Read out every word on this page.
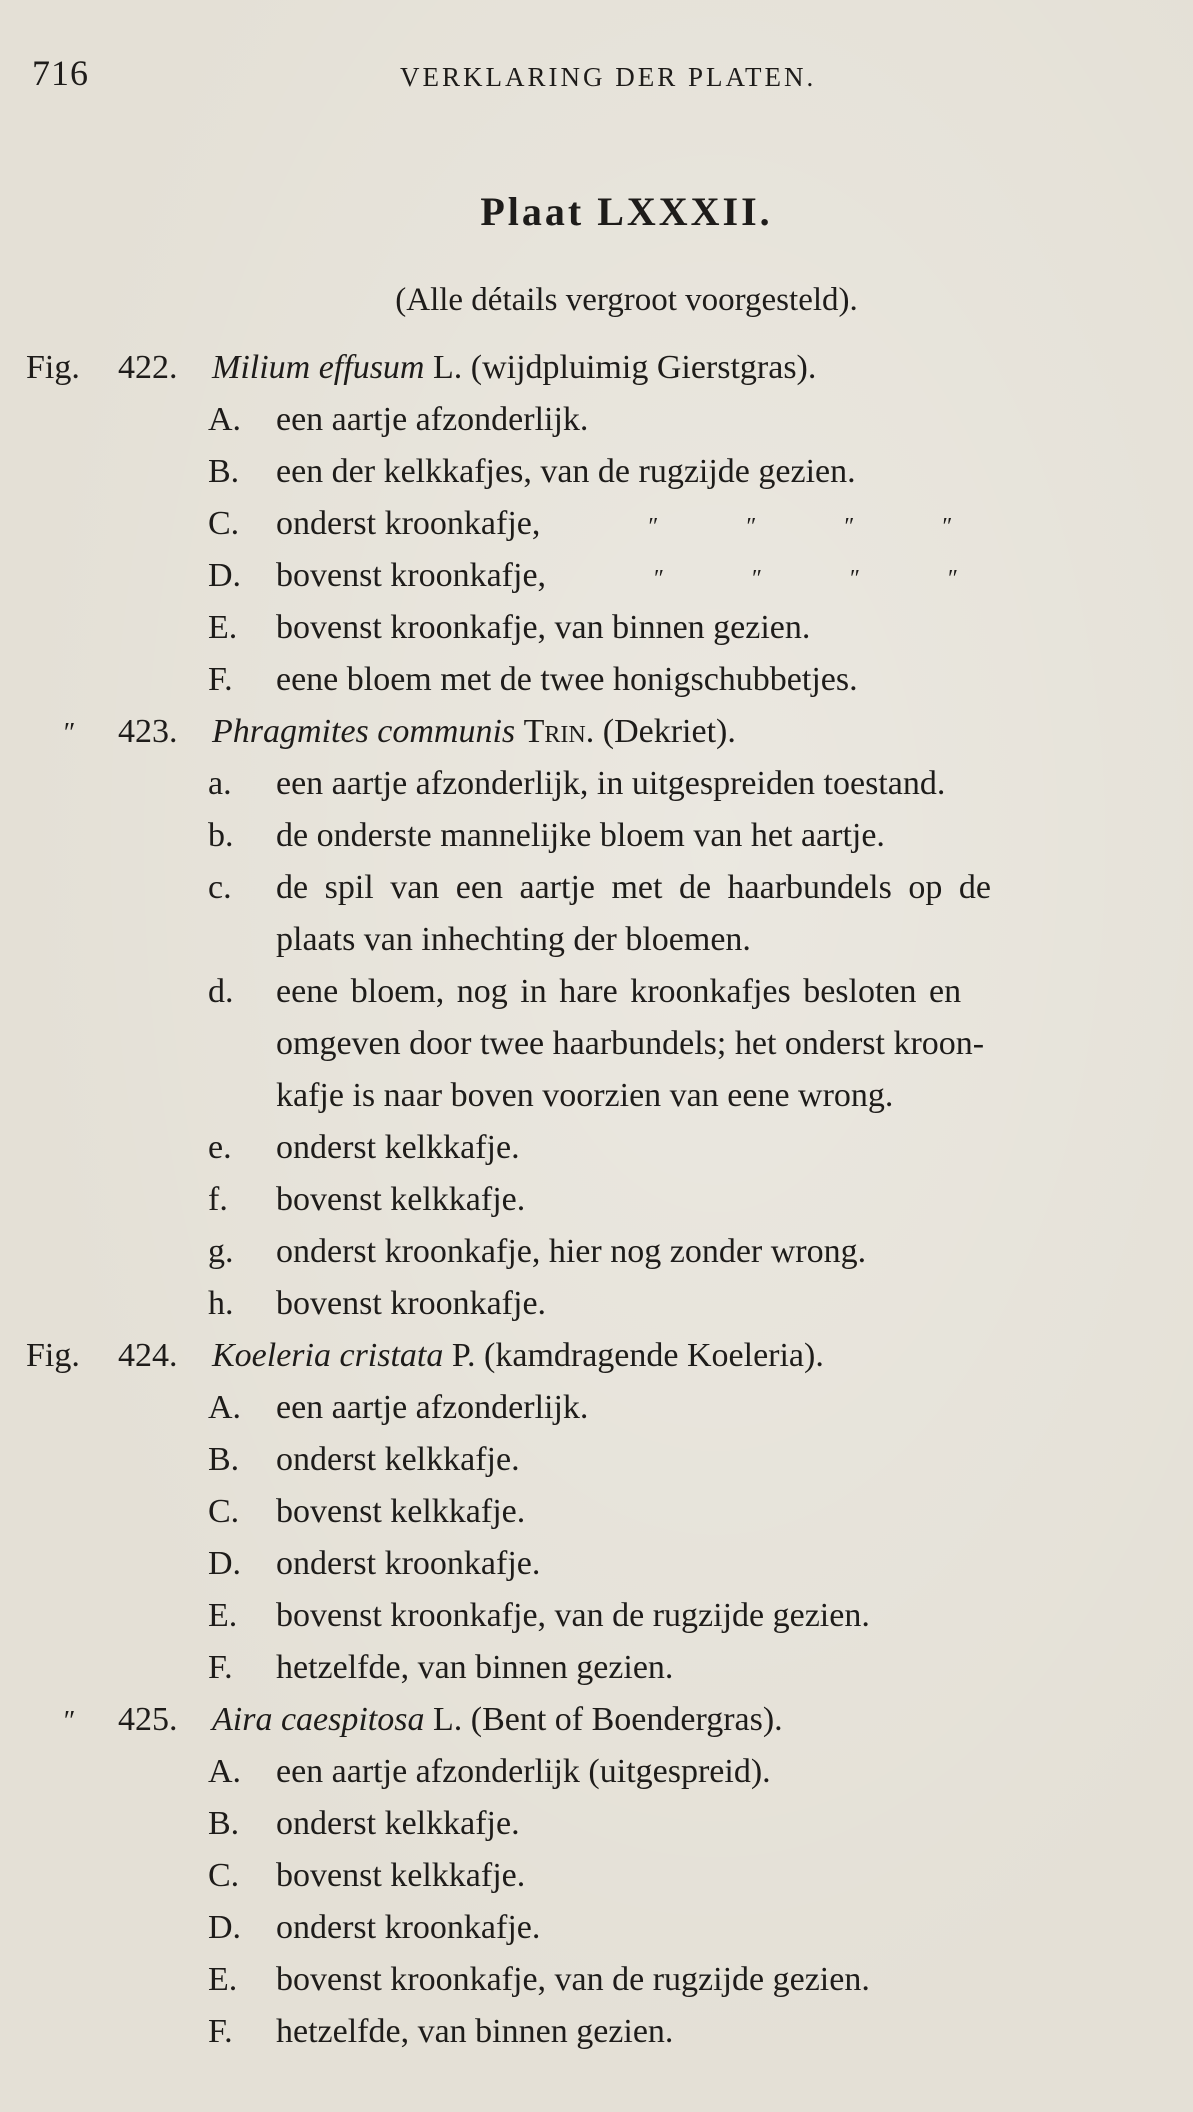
716	VERKLARING DER PLATEN.
Plaat LXXXII.
(Alle détails vergroot voorgesteld).
Fig. 422. Milium effusum L. (wijdpluimig Gierstgras).
A.	een aartje afzonderlijk.
B.	een der kelkkafjes, van de rugzijde gezien.
C.	onderst kroonkafje,	″	″	″	″
D.	bovenst kroonkafje,	″	″	″	″
E.	bovenst kroonkafje, van binnen gezien.
F.	eene bloem met de twee honigschubbetjes.
″	423. Phragmites communis Trin. (Dekriet).
a.	een aartje afzonderlijk, in uitgespreiden toestand.
b.	de onderste mannelijke bloem van het aartje.
c.	de spil van een aartje met de haarbundels op de
plaats van inhechting der bloemen.
d.	eene bloem, nog in hare kroonkafjes besloten en
omgeven door twee haarbundels; het onderst kroon-
kafje is naar boven voorzien van eene wrong.
e.	onderst kelkkafje.
f.	bovenst kelkkafje.
g.	onderst kroonkafje, hier nog zonder wrong.
h.	bovenst kroonkafje.
Fig. 424. Koeleria cristata P. (kamdragende Koeleria).
A.	een aartje afzonderlijk.
B.	onderst kelkkafje.
C.	bovenst kelkkafje.
D.	onderst kroonkafje.
E.	bovenst kroonkafje, van de rugzijde gezien.
F.	hetzelfde, van binnen gezien.
″	425. Aira caespitosa L. (Bent of Boendergras).
A.	een aartje afzonderlijk (uitgespreid).
B.	onderst kelkkafje.
C.	bovenst kelkkafje.
D.	onderst kroonkafje.
E.	bovenst kroonkafje, van de rugzijde gezien.
F.	hetzelfde, van binnen gezien.
